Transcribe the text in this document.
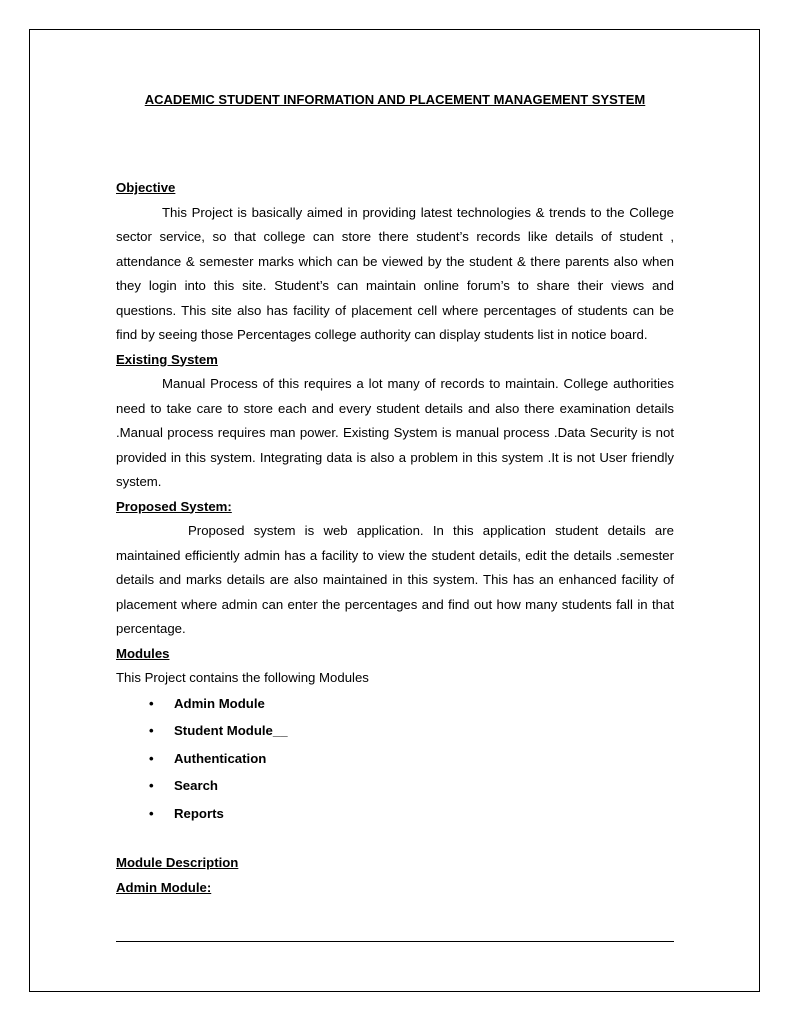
ACADEMIC STUDENT INFORMATION AND PLACEMENT MANAGEMENT SYSTEM

Objective

This Project is basically aimed in providing latest technologies & trends to the College sector service, so that college can store there student’s records like details of student , attendance & semester marks which can be viewed by the student & there parents also when they login into this site. Student’s can maintain online forum’s to share their views and questions. This site also has facility of placement cell where percentages of students can be find by seeing those Percentages college authority can display students list in notice board.

Existing System

Manual Process of this requires a lot many of records to maintain. College authorities need to take care to store each and every student details and also there examination details .Manual process requires man power. Existing System is manual process .Data Security is not provided in this system. Integrating data is also a problem in this system .It is not User friendly system.

Proposed System:

Proposed system is web application. In this application student details are maintained efficiently admin has a facility to view the student details, edit the details .semester details and marks details are also maintained in this system. This has an enhanced facility of placement where admin can enter the percentages and find out how many students fall in that percentage.

Modules

This Project contains the following Modules

• Admin Module
• Student Module__
• Authentication
• Search
• Reports

Module Description

Admin Module:
